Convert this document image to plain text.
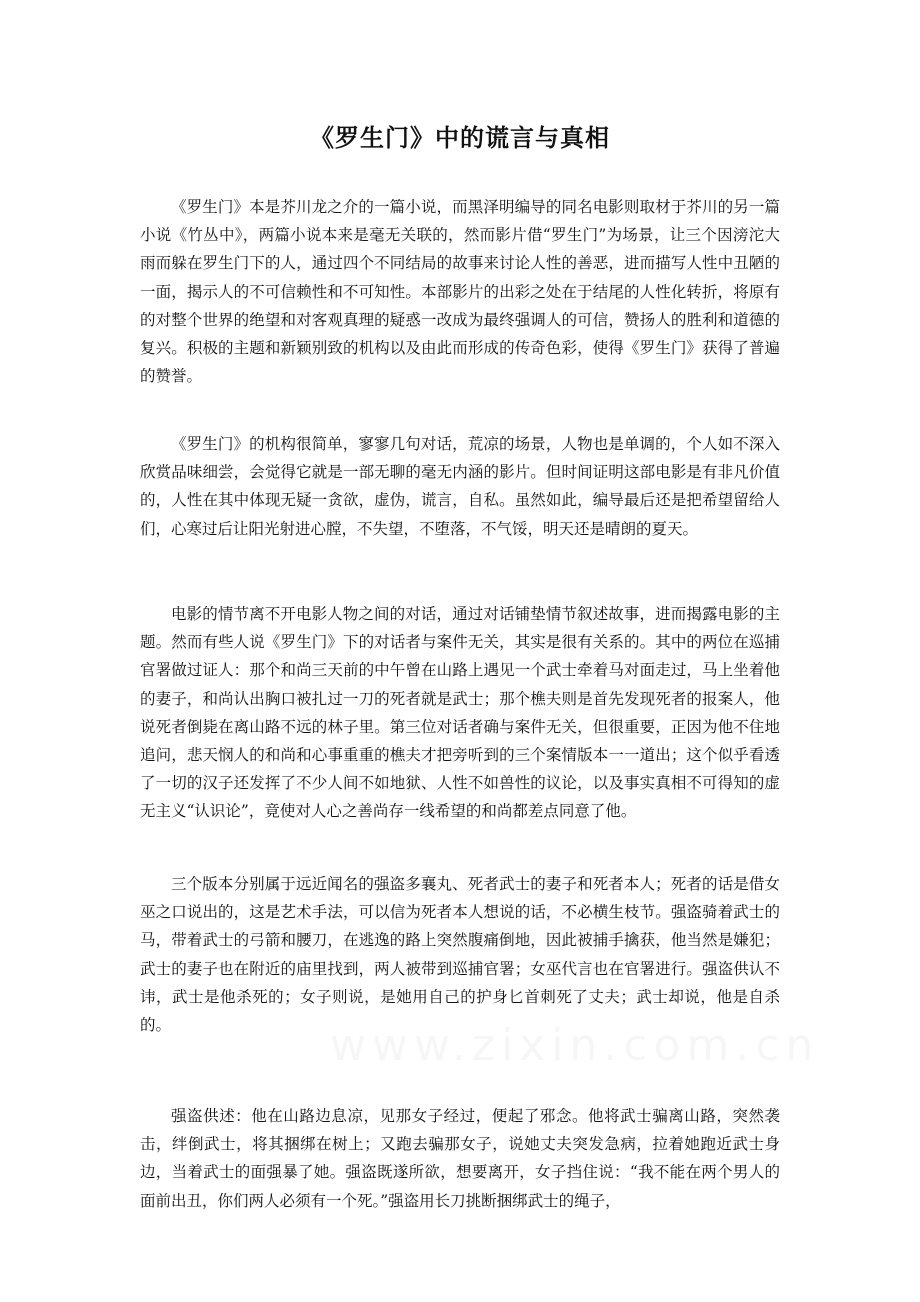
《罗生门》中的谎言与真相

《罗生门》本是芥川龙之介的一篇小说，而黑泽明编导的同名电影则取材于芥川的另一篇小说《竹丛中》，两篇小说本来是毫无关联的，然而影片借“罗生门”为场景，让三个因滂沱大雨而躲在罗生门下的人，通过四个不同结局的故事来讨论人性的善恶，进而描写人性中丑陋的一面，揭示人的不可信赖性和不可知性。本部影片的出彩之处在于结尾的人性化转折，将原有的对整个世界的绝望和对客观真理的疑惑一改成为最终强调人的可信，赞扬人的胜利和道德的复兴。积极的主题和新颖别致的机构以及由此而形成的传奇色彩，使得《罗生门》获得了普遍的赞誉。

《罗生门》的机构很简单，寥寥几句对话，荒凉的场景，人物也是单调的，个人如不深入欣赏品味细尝，会觉得它就是一部无聊的毫无内涵的影片。但时间证明这部电影是有非凡价值的，人性在其中体现无疑一贪欲，虚伪，谎言，自私。虽然如此，编导最后还是把希望留给人们，心寒过后让阳光射进心膛，不失望，不堕落，不气馁，明天还是晴朗的夏天。

电影的情节离不开电影人物之间的对话，通过对话铺垫情节叙述故事，进而揭露电影的主题。然而有些人说《罗生门》下的对话者与案件无关，其实是很有关系的。其中的两位在巡捕官署做过证人：那个和尚三天前的中午曾在山路上遇见一个武士牵着马对面走过，马上坐着他的妻子，和尚认出胸口被扎过一刀的死者就是武士；那个樵夫则是首先发现死者的报案人，他说死者倒毙在离山路不远的林子里。第三位对话者确与案件无关，但很重要，正因为他不住地追问，悲天悯人的和尚和心事重重的樵夫才把旁听到的三个案情版本一一道出；这个似乎看透了一切的汉子还发挥了不少人间不如地狱、人性不如兽性的议论，以及事实真相不可得知的虚无主义“认识论”，竟使对人心之善尚存一线希望的和尚都差点同意了他。

三个版本分别属于远近闻名的强盗多襄丸、死者武士的妻子和死者本人；死者的话是借女巫之口说出的，这是艺术手法，可以信为死者本人想说的话，不必横生枝节。强盗骑着武士的马，带着武士的弓箭和腰刀，在逃逸的路上突然腹痛倒地，因此被捕手擒获，他当然是嫌犯；武士的妻子也在附近的庙里找到，两人被带到巡捕官署；女巫代言也在官署进行。强盗供认不讳，武士是他杀死的；女子则说，是她用自己的护身匕首刺死了丈夫；武士却说，他是自杀的。

强盗供述：他在山路边息凉，见那女子经过，便起了邪念。他将武士骗离山路，突然袭击，绊倒武士，将其捆绑在树上；又跑去骗那女子，说她丈夫突发急病，拉着她跑近武士身边，当着武士的面强暴了她。强盗既遂所欲，想要离开，女子挡住说：“我不能在两个男人的面前出丑，你们两人必须有一个死。”强盗用长刀挑断捆绑武士的绳子，
